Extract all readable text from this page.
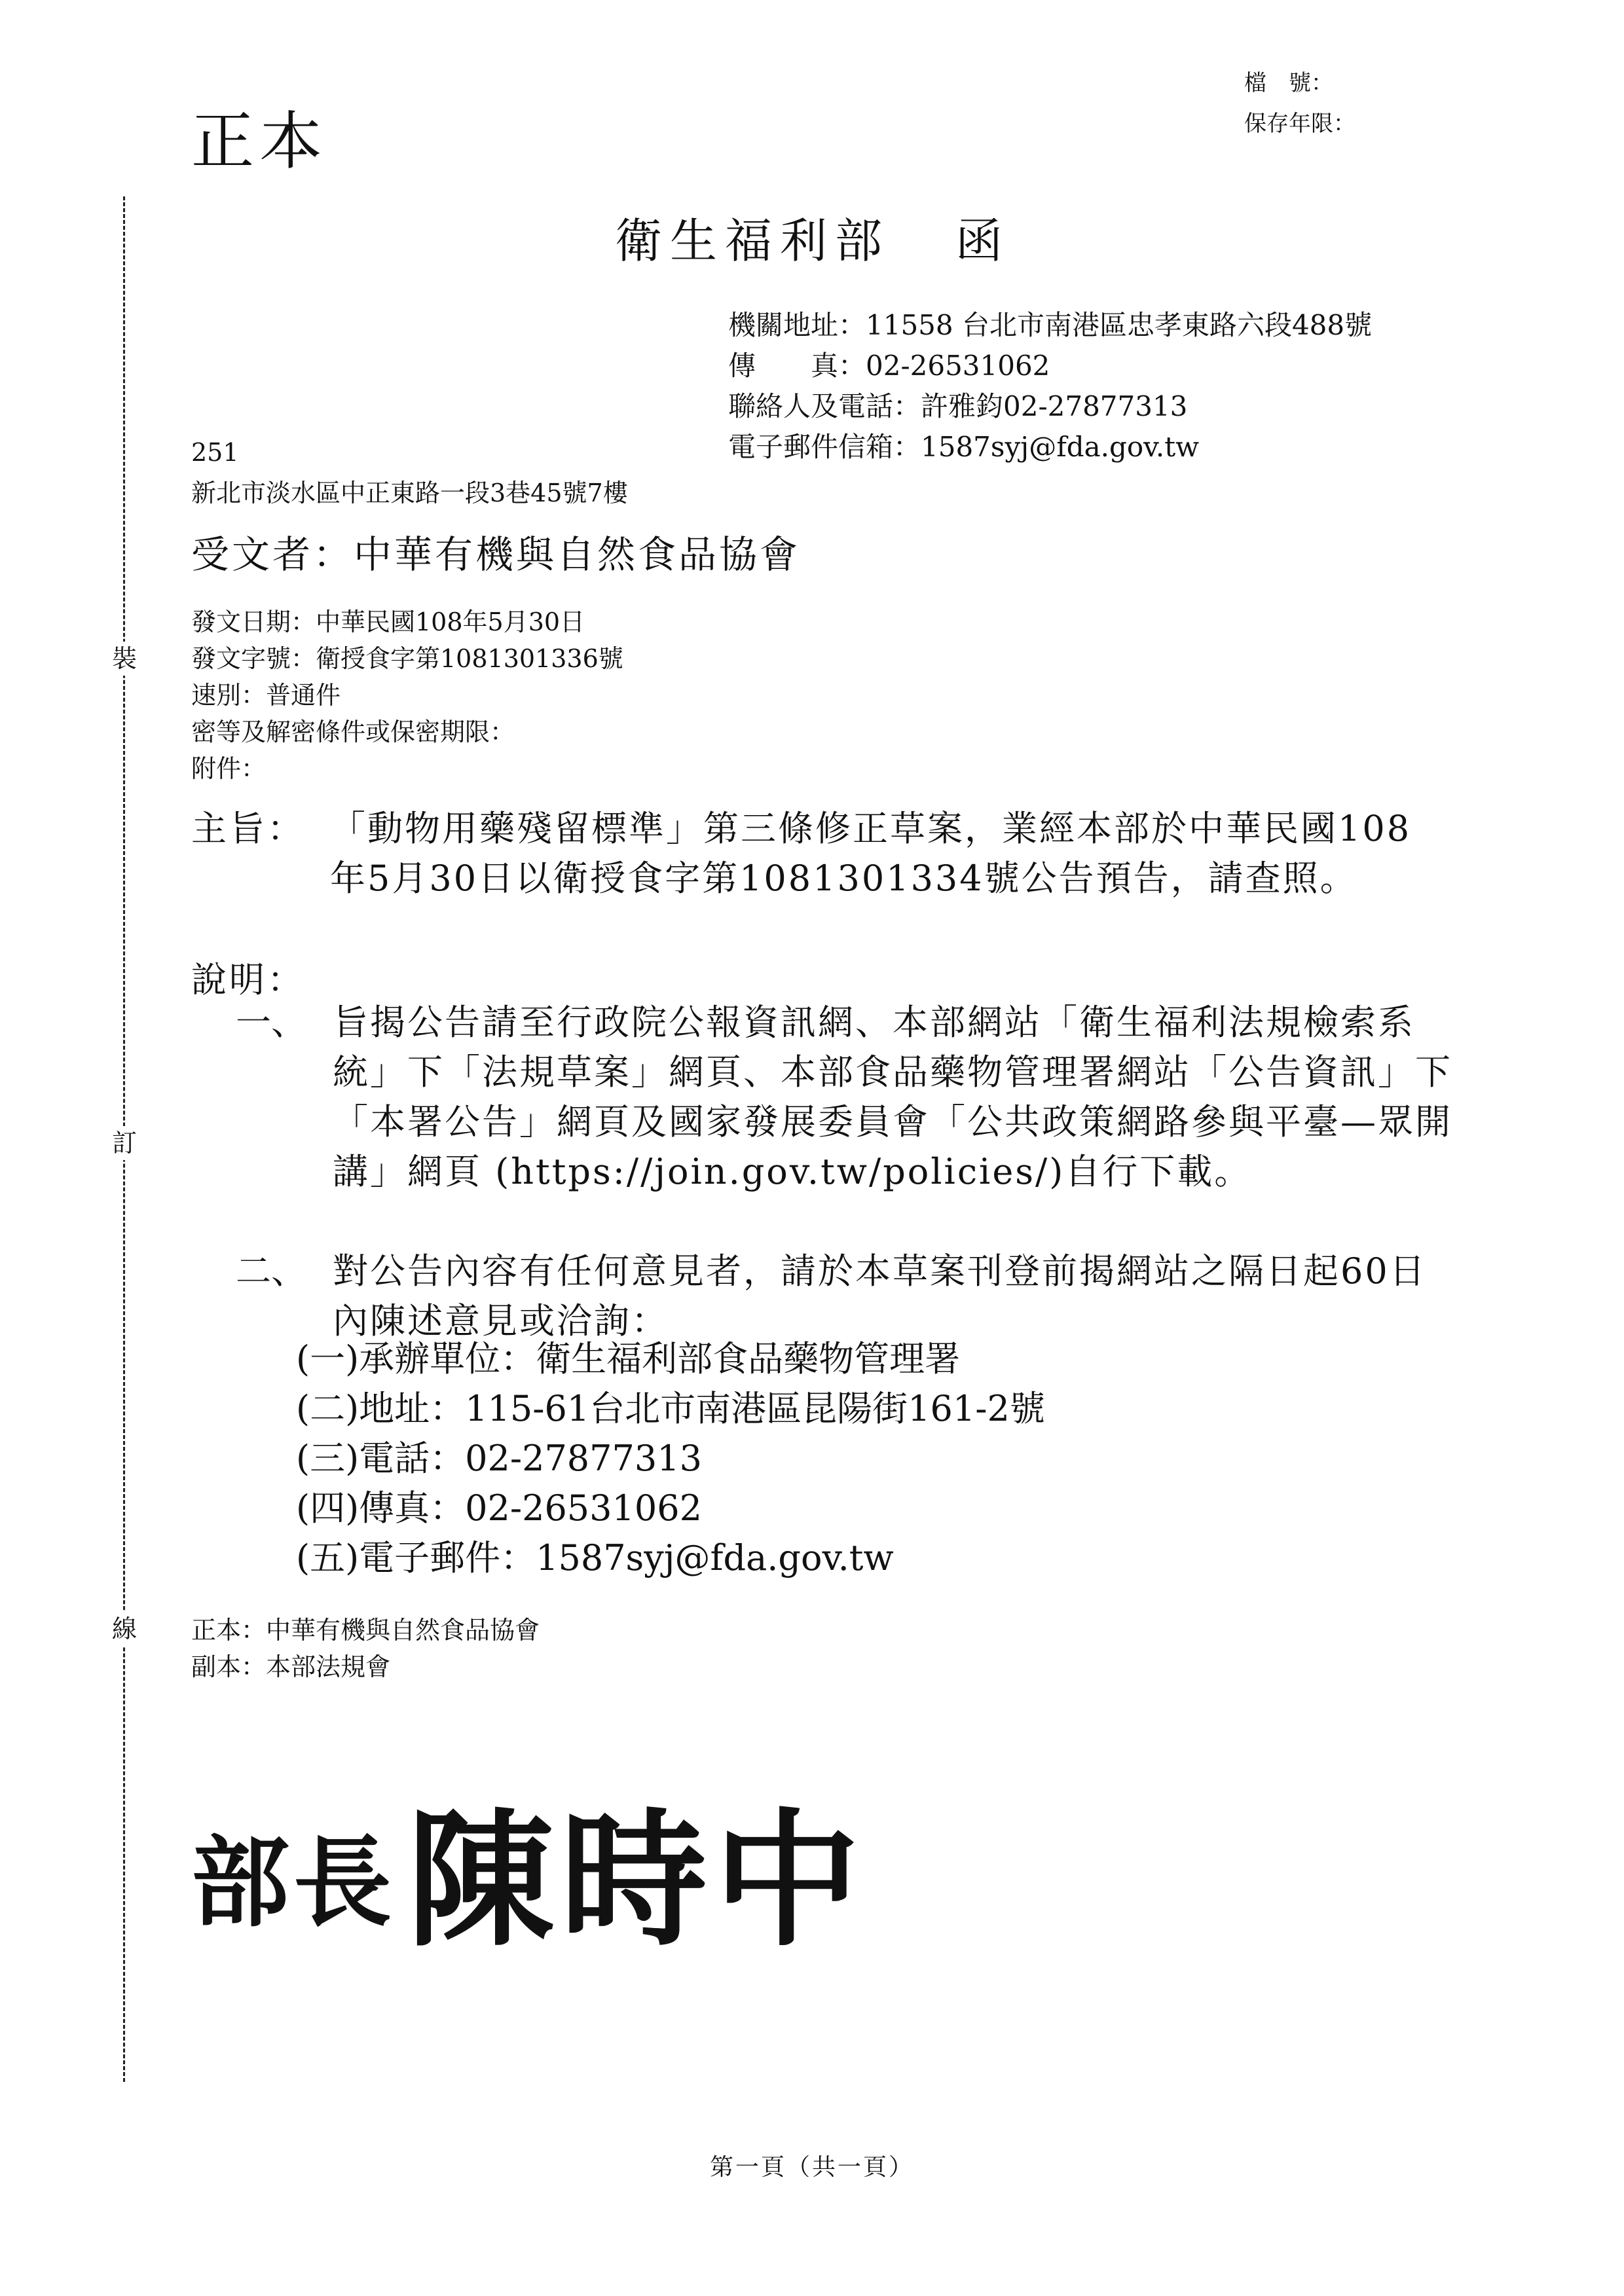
裝
訂
線
正本
檔　號：
保存年限：
衛生福利部 函
機關地址：11558 台北市南港區忠孝東路六段488號
傳　　真：02-26531062
聯絡人及電話：許雅鈞02-27877313
電子郵件信箱：1587syj@fda.gov.tw
251
新北市淡水區中正東路一段3巷45號7樓
受文者：中華有機與自然食品協會
發文日期：中華民國108年5月30日
發文字號：衛授食字第1081301336號
速別：普通件
密等及解密條件或保密期限：
附件：
主旨： 「動物用藥殘留標準」第三條修正草案，業經本部於中華民國108年5月30日以衛授食字第1081301334號公告預告，請查照。
說明：
一、 旨揭公告請至行政院公報資訊網、本部網站「衛生福利法規檢索系統」下「法規草案」網頁、本部食品藥物管理署網站「公告資訊」下「本署公告」網頁及國家發展委員會「公共政策網路參與平臺—眾開講」網頁 (https://join.gov.tw/policies/)自行下載。
二、 對公告內容有任何意見者，請於本草案刊登前揭網站之隔日起60日內陳述意見或洽詢：
(一)承辦單位：衛生福利部食品藥物管理署
(二)地址：115-61台北市南港區昆陽街161-2號
(三)電話：02-27877313
(四)傳真：02-26531062
(五)電子郵件：1587syj@fda.gov.tw
正本：中華有機與自然食品協會
副本：本部法規會
部長 陳時中
第一頁（共一頁）
